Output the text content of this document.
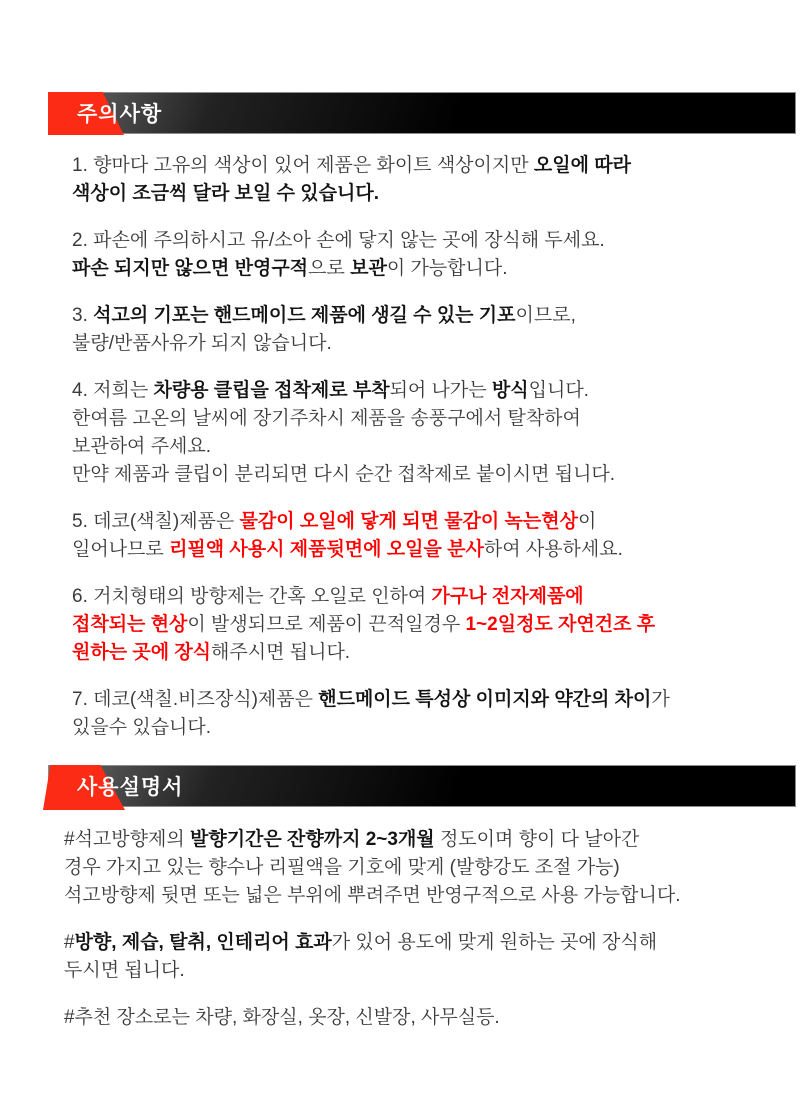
주의사항

1. 향마다 고유의 색상이 있어 제품은 화이트 색상이지만 오일에 따라
색상이 조금씩 달라 보일 수 있습니다.

2. 파손에 주의하시고 유/소아 손에 닿지 않는 곳에 장식해 두세요.
파손 되지만 않으면 반영구적으로 보관이 가능합니다.

3. 석고의 기포는 핸드메이드 제품에 생길 수 있는 기포이므로,
불량/반품사유가 되지 않습니다.

4. 저희는 차량용 클립을 접착제로 부착되어 나가는 방식입니다.
한여름 고온의 날씨에 장기주차시 제품을 송풍구에서 탈착하여
보관하여 주세요.
만약 제품과 클립이 분리되면 다시 순간 접착제로 붙이시면 됩니다.

5. 데코(색칠)제품은 물감이 오일에 닿게 되면 물감이 녹는현상이
일어나므로 리필액 사용시 제품뒷면에 오일을 분사하여 사용하세요.

6. 거치형태의 방향제는 간혹 오일로 인하여 가구나 전자제품에
접착되는 현상이 발생되므로 제품이 끈적일경우 1~2일정도 자연건조 후
원하는 곳에 장식해주시면 됩니다.

7. 데코(색칠.비즈장식)제품은 핸드메이드 특성상 이미지와 약간의 차이가
있을수 있습니다.

사용설명서

#석고방향제의 발향기간은 잔향까지 2~3개월 정도이며 향이 다 날아간
경우 가지고 있는 향수나 리필액을 기호에 맞게 (발향강도 조절 가능)
석고방향제 뒷면 또는 넓은 부위에 뿌려주면 반영구적으로 사용 가능합니다.

#방향, 제습, 탈취, 인테리어 효과가 있어 용도에 맞게 원하는 곳에 장식해
두시면 됩니다.

#추천 장소로는 차량, 화장실, 옷장, 신발장, 사무실등.
